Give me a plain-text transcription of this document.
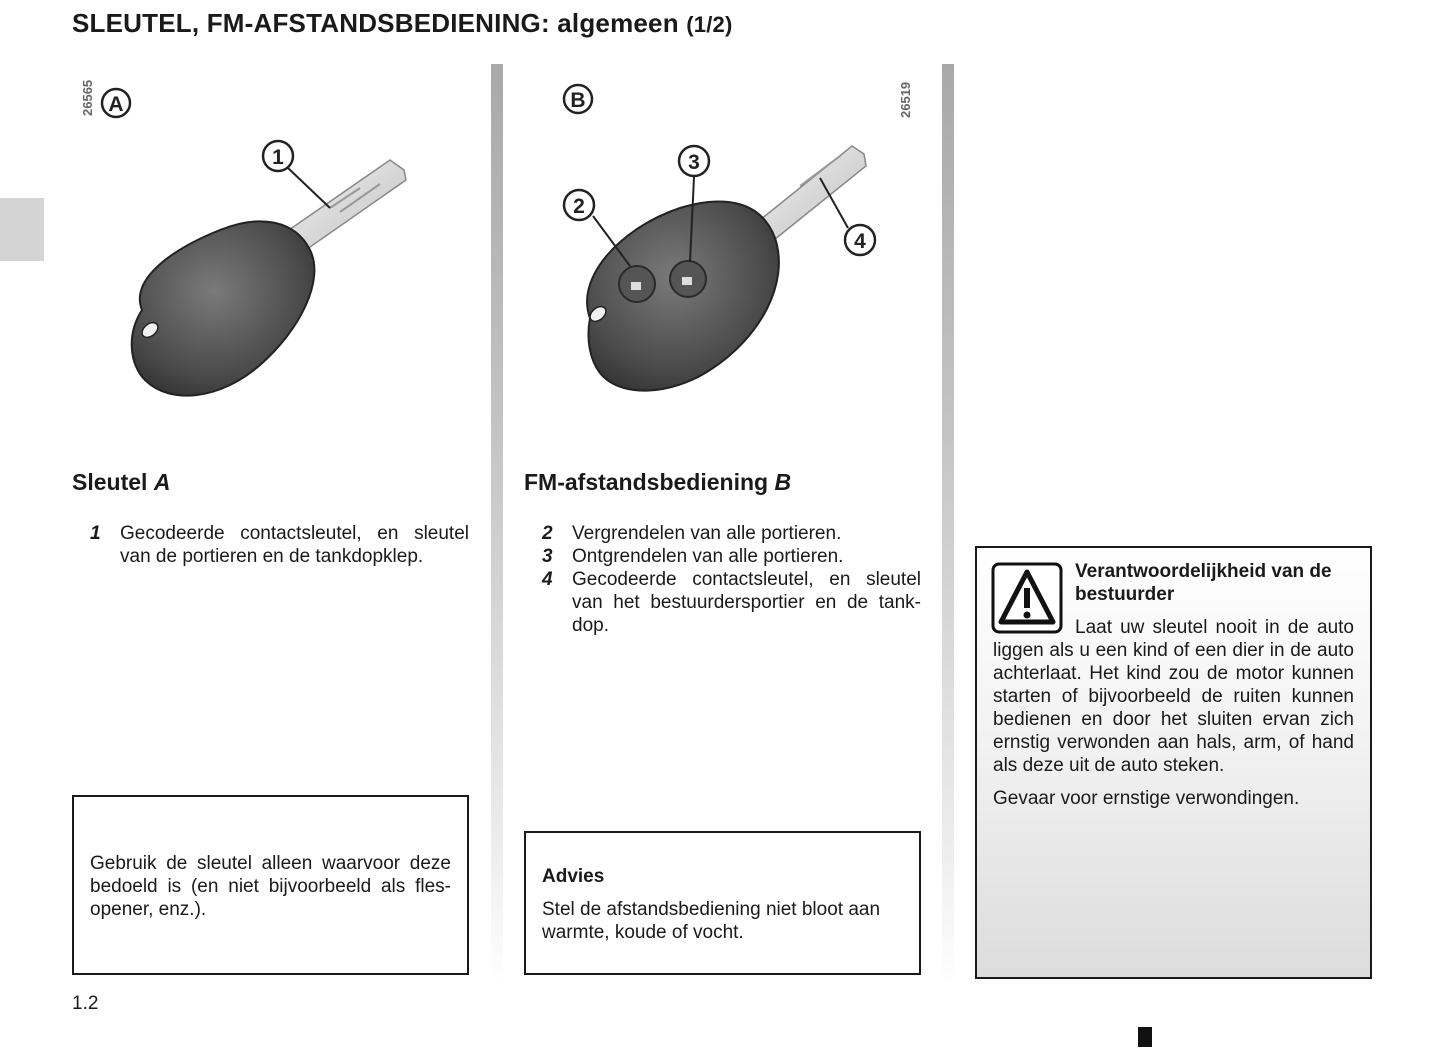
SLEUTEL, FM-AFSTANDSBEDIENING: algemeen (1/2)
26565 A
1
26519
B
2
3
4
Sleutel A
1	Gecodeerde contactsleutel, en sleutel van de portieren en de tankdopklep.

Gebruik de sleutel alleen waarvoor deze bedoeld is (en niet bijvoorbeeld als flesopener, enz.).

FM-afstandsbediening B
2	Vergrendelen van alle portieren.
3	Ontgrendelen van alle portieren.
4	Gecodeerde contactsleutel, en sleutel van het bestuurdersportier en de tankdop.

Advies

Stel de afstandsbediening niet bloot aan warmte, koude of vocht.

Verantwoordelijkheid van de bestuurder

Laat uw sleutel nooit in de auto liggen als u een kind of een dier in de auto achterlaat. Het kind zou de motor kunnen starten of bijvoorbeeld de ruiten kunnen bedienen en door het sluiten ervan zich ernstig verwonden aan hals, arm, of hand als deze uit de auto steken.

Gevaar voor ernstige verwondingen.

1.2
